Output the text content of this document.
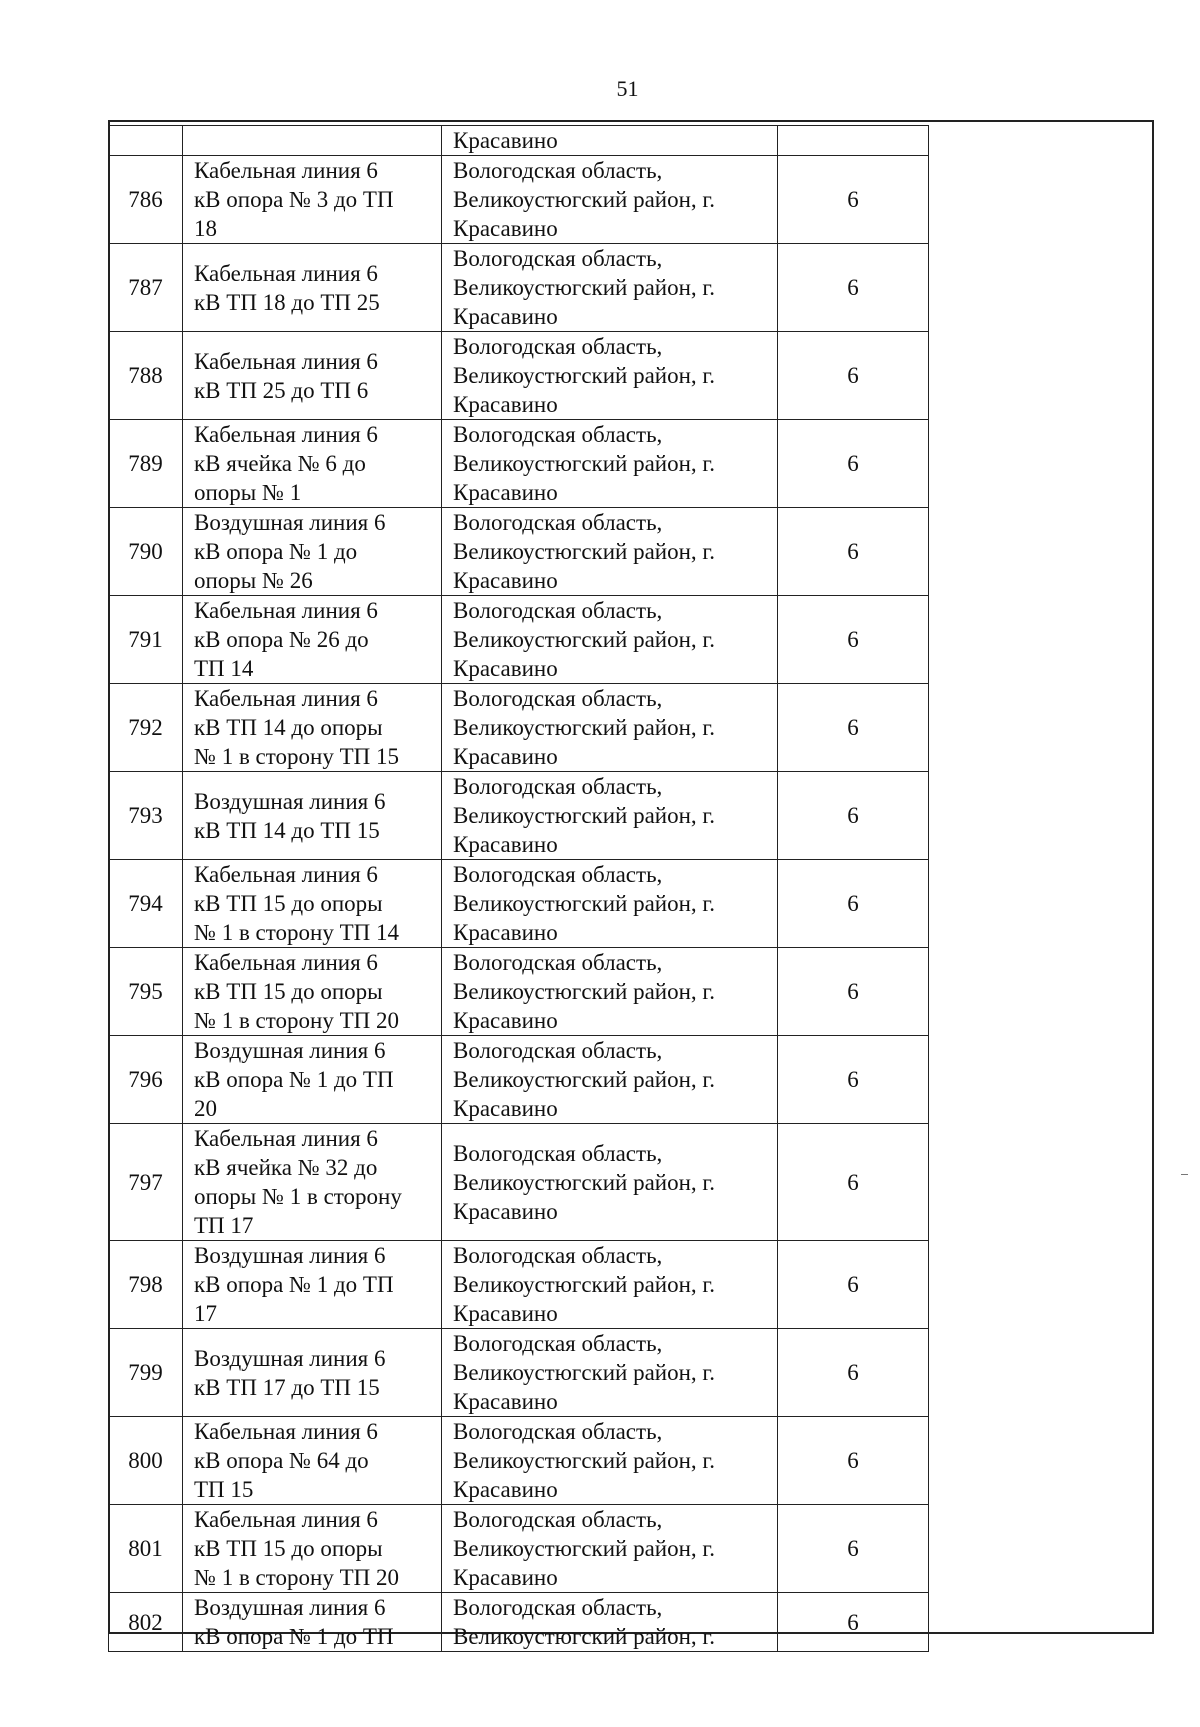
51

		Красавино	

786	Кабельная линия 6
кВ опора № 3 до ТП
18	Вологодская область,
Великоустюгский район, г.
Красавино	6
787	Кабельная линия 6
кВ ТП 18 до ТП 25	Вологодская область,
Великоустюгский район, г.
Красавино	6
788	Кабельная линия 6
кВ ТП 25 до ТП 6	Вологодская область,
Великоустюгский район, г.
Красавино	6
789	Кабельная линия 6
кВ ячейка № 6 до
опоры № 1	Вологодская область,
Великоустюгский район, г.
Красавино	6
790	Воздушная линия 6
кВ опора № 1 до
опоры № 26	Вологодская область,
Великоустюгский район, г.
Красавино	6
791	Кабельная линия 6
кВ опора № 26 до
ТП 14	Вологодская область,
Великоустюгский район, г.
Красавино	6
792	Кабельная линия 6
кВ ТП 14 до опоры
№ 1 в сторону ТП 15	Вологодская область,
Великоустюгский район, г.
Красавино	6
793	Воздушная линия 6
кВ ТП 14 до ТП 15	Вологодская область,
Великоустюгский район, г.
Красавино	6
794	Кабельная линия 6
кВ ТП 15 до опоры
№ 1 в сторону ТП 14	Вологодская область,
Великоустюгский район, г.
Красавино	6
795	Кабельная линия 6
кВ ТП 15 до опоры
№ 1 в сторону ТП 20	Вологодская область,
Великоустюгский район, г.
Красавино	6
796	Воздушная линия 6
кВ опора № 1 до ТП
20	Вологодская область,
Великоустюгский район, г.
Красавино	6
797	Кабельная линия 6
кВ ячейка № 32 до
опоры № 1 в сторону
ТП 17	Вологодская область,
Великоустюгский район, г.
Красавино	6
798	Воздушная линия 6
кВ опора № 1 до ТП
17	Вологодская область,
Великоустюгский район, г.
Красавино	6
799	Воздушная линия 6
кВ ТП 17 до ТП 15	Вологодская область,
Великоустюгский район, г.
Красавино	6
800	Кабельная линия 6
кВ опора № 64 до
ТП 15	Вологодская область,
Великоустюгский район, г.
Красавино	6
801	Кабельная линия 6
кВ ТП 15 до опоры
№ 1 в сторону ТП 20	Вологодская область,
Великоустюгский район, г.
Красавино	6
802	Воздушная линия 6
кВ опора № 1 до ТП	Вологодская область,
Великоустюгский район, г.	6
